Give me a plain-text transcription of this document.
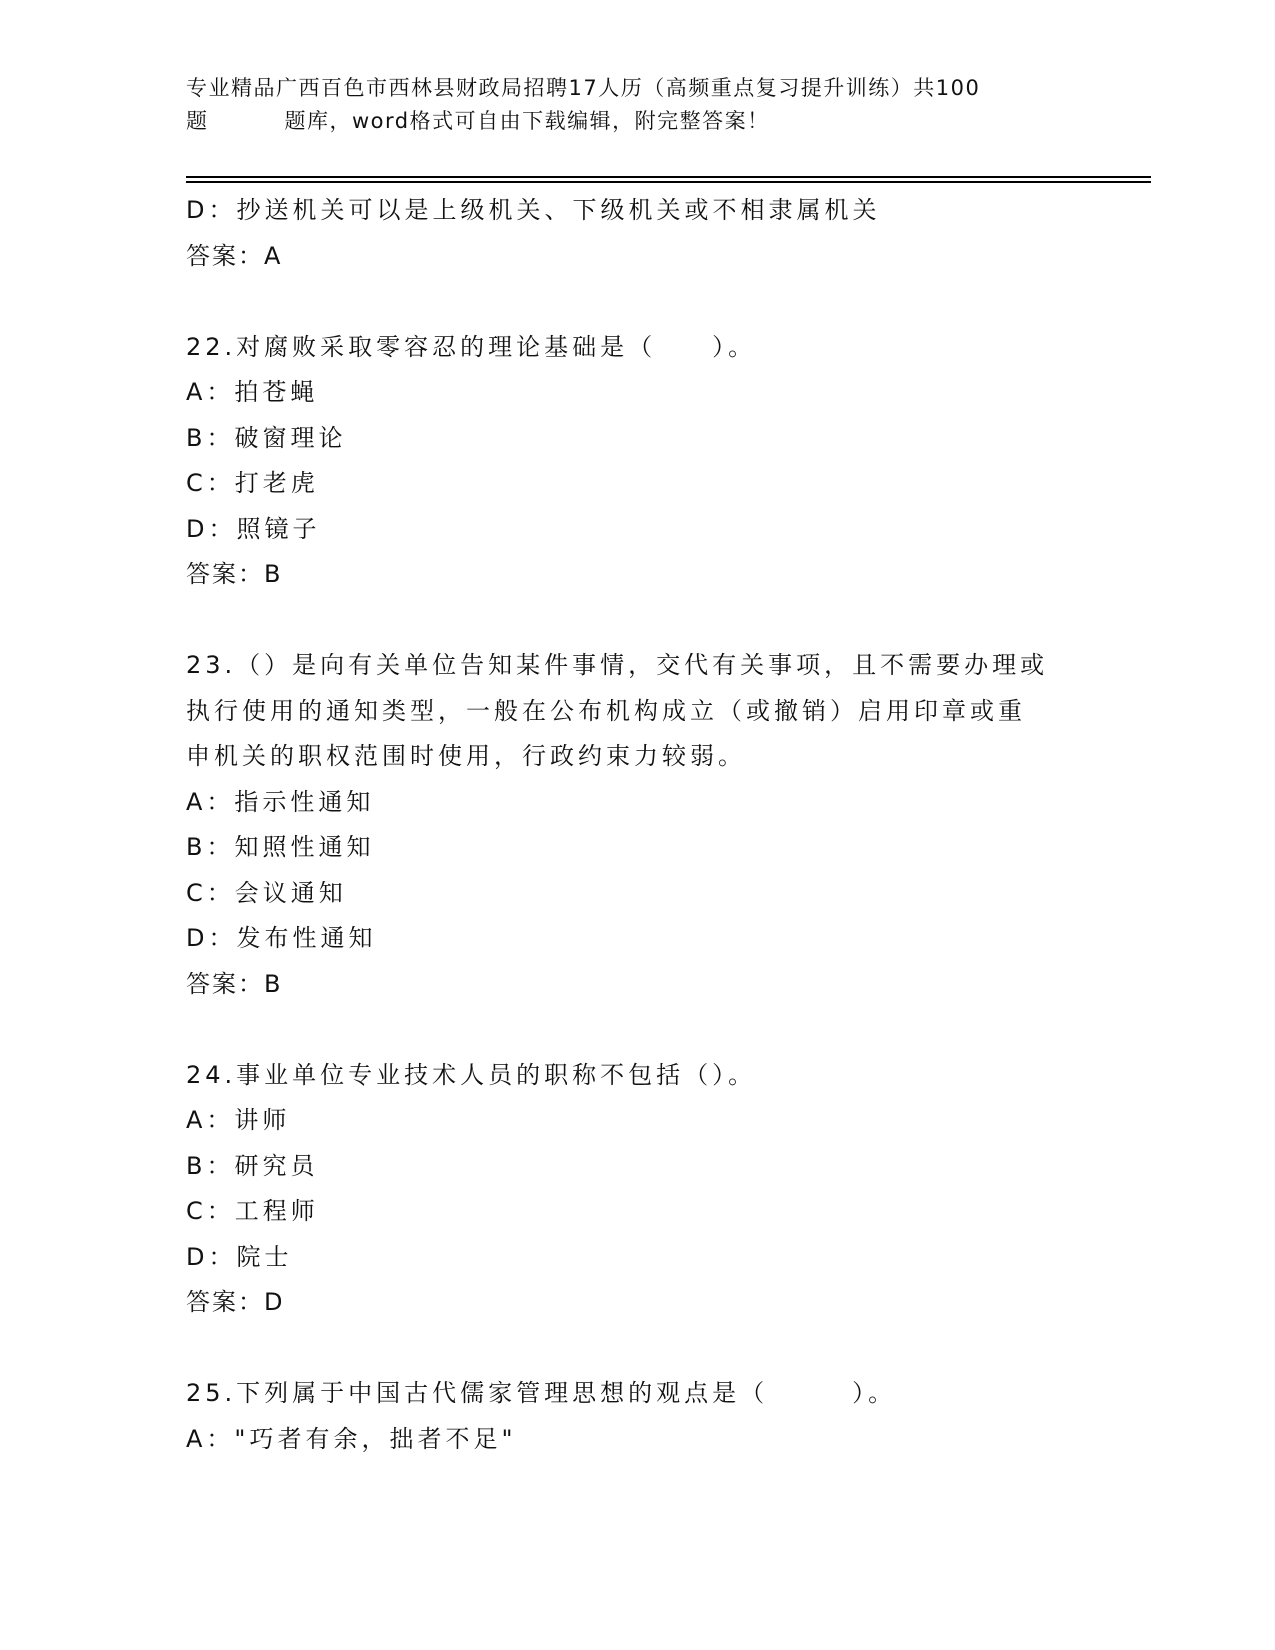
专业精品广西百色市西林县财政局招聘17人历（高频重点复习提升训练）共100
题	题库，word格式可自由下载编辑，附完整答案！
D：抄送机关可以是上级机关、下级机关或不相隶属机关
答案：A
22.对腐败采取零容忍的理论基础是（　　）。
A：拍苍蝇
B：破窗理论
C：打老虎
D：照镜子
答案：B
23.（）是向有关单位告知某件事情，交代有关事项，且不需要办理或
执行使用的通知类型，一般在公布机构成立（或撤销）启用印章或重
申机关的职权范围时使用，行政约束力较弱。
A：指示性通知
B：知照性通知
C：会议通知
D：发布性通知
答案：B
24.事业单位专业技术人员的职称不包括（）。
A：讲师
B：研究员
C：工程师
D：院士
答案：D
25.下列属于中国古代儒家管理思想的观点是（　　　）。
A："巧者有余，拙者不足"
